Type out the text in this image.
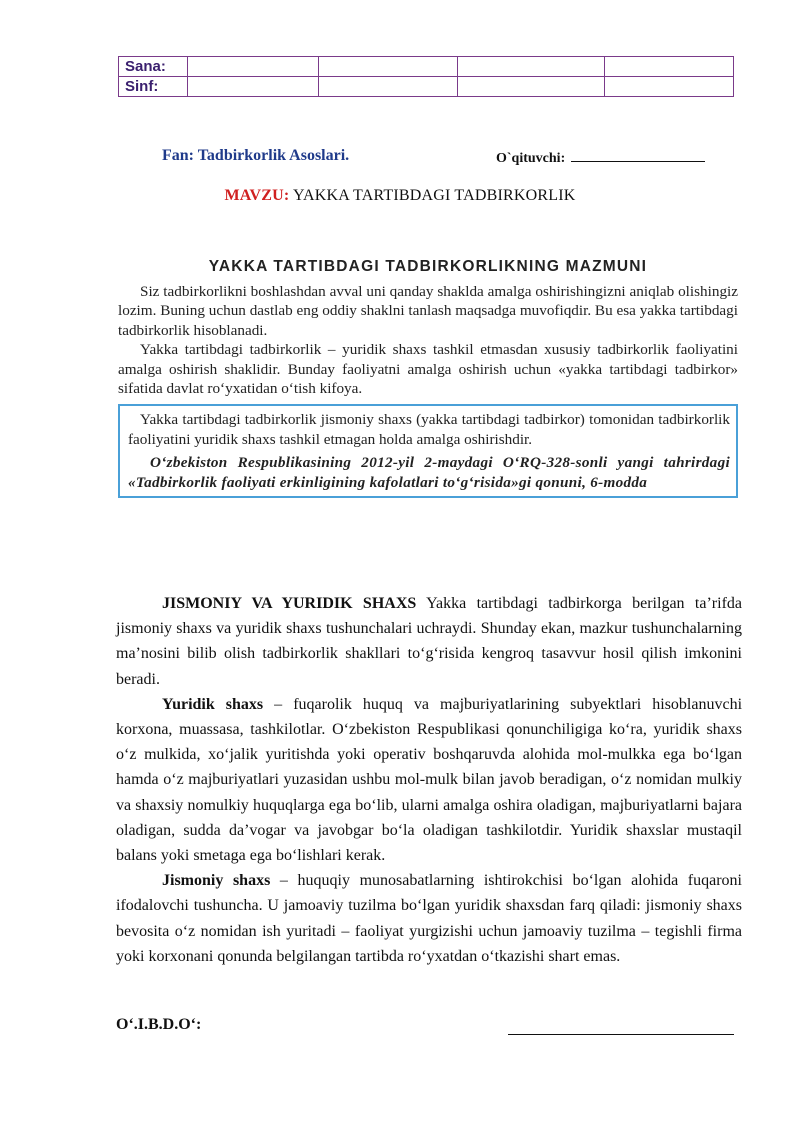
Sana:				
Sinf:				
Fan: Tadbirkorlik Asoslari.	O`qituvchi:
MAVZU: YAKKA TARTIBDAGI TADBIRKORLIK
YAKKA TARTIBDAGI TADBIRKORLIKNING MAZMUNI

Siz tadbirkorlikni boshlashdan avval uni qanday shaklda amalga oshirishingizni aniqlab olishingiz lozim. Buning uchun dastlab eng oddiy shaklni tanlash maqsadga muvofiqdir. Bu esa yakka tartibdagi tadbirkorlik hisoblanadi.

Yakka tartibdagi tadbirkorlik – yuridik shaxs tashkil etmasdan xususiy tadbirkorlik faoliyatini amalga oshirish shaklidir. Bunday faoliyatni amalga oshirish uchun «yakka tartibdagi tadbirkor» sifatida davlat ro‘yxatidan o‘tish kifoya.

Yakka tartibdagi tadbirkorlik jismoniy shaxs (yakka tartibdagi tadbirkor) tomonidan tadbirkorlik faoliyatini yuridik shaxs tashkil etmagan holda amalga oshirishdir.

O‘zbekiston Respublikasining 2012-yil 2-maydagi O‘RQ-328-sonli yangi tahrirdagi «Tadbirkorlik faoliyati erkinligining kafolatlari to‘g‘risida»gi qonuni, 6-modda

JISMONIY VA YURIDIK SHAXS Yakka tartibdagi tadbirkorga berilgan ta’rifda jismoniy shaxs va yuridik shaxs tushunchalari uchraydi. Shunday ekan, mazkur tushunchalarning ma’nosini bilib olish tadbirkorlik shakllari to‘g‘risida kengroq tasavvur hosil qilish imkonini beradi.

Yuridik shaxs – fuqarolik huquq va majburiyatlarining subyektlari hisoblanuvchi korxona, muassasa, tashkilotlar. O‘zbekiston Respublikasi qonunchiligiga ko‘ra, yuridik shaxs o‘z mulkida, xo‘jalik yuritishda yoki operativ boshqaruvda alohida mol-mulkka ega bo‘lgan hamda o‘z majburiyatlari yuzasidan ushbu mol-mulk bilan javob beradigan, o‘z nomidan mulkiy va shaxsiy nomulkiy huquqlarga ega bo‘lib, ularni amalga oshira oladigan, majburiyatlarni bajara oladigan, sudda da’vogar va javobgar bo‘la oladigan tashkilotdir. Yuridik shaxslar mustaqil balans yoki smetaga ega bo‘lishlari kerak.

Jismoniy shaxs – huquqiy munosabatlarning ishtirokchisi bo‘lgan alohida fuqaroni ifodalovchi tushuncha. U jamoaviy tuzilma bo‘lgan yuridik shaxsdan farq qiladi: jismoniy shaxs bevosita o‘z nomidan ish yuritadi – faoliyat yurgizishi uchun jamoaviy tuzilma – tegishli firma yoki korxonani qonunda belgilangan tartibda ro‘yxatdan o‘tkazishi shart emas.

O‘.I.B.D.O‘:
